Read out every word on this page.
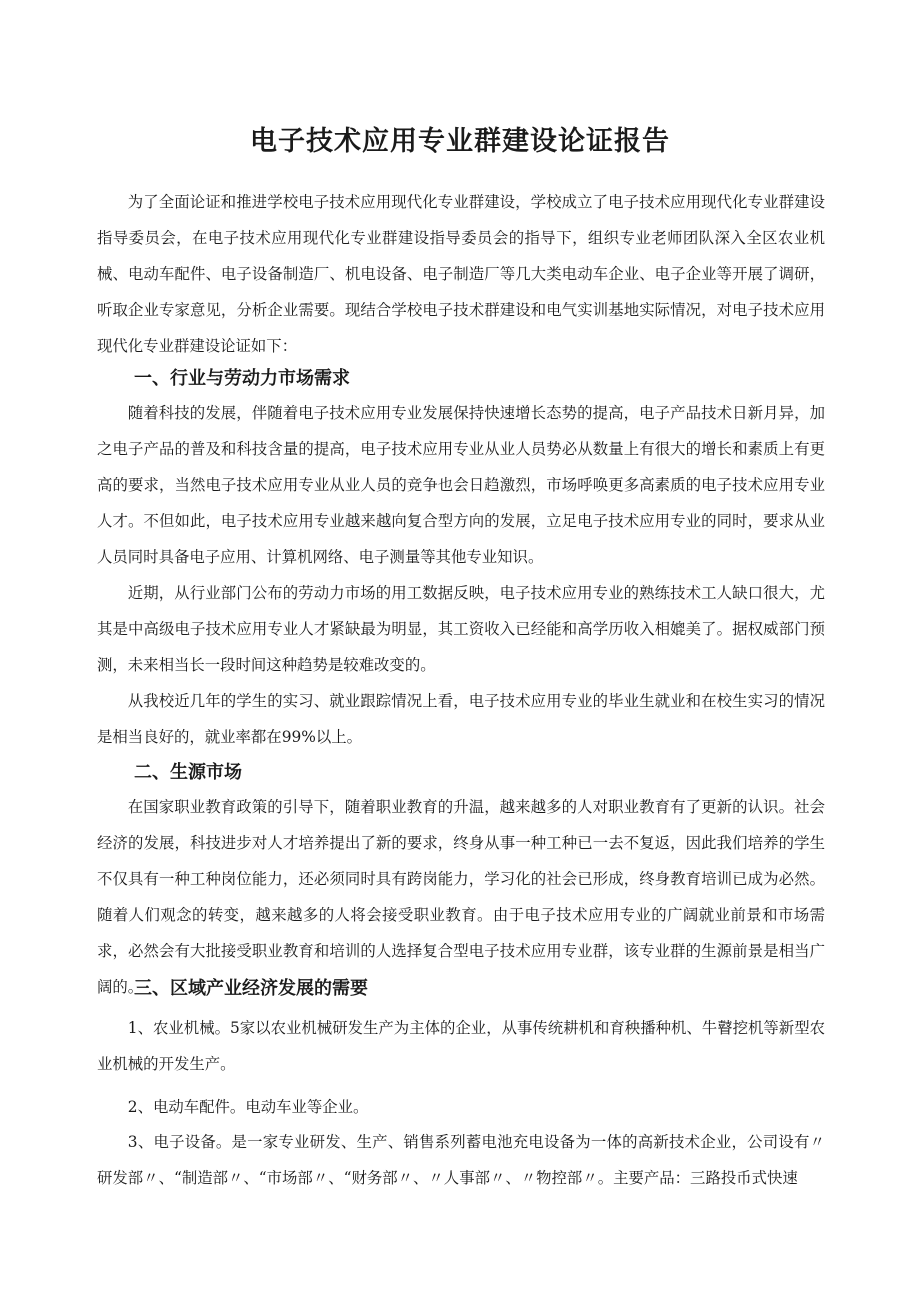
电子技术应用专业群建设论证报告

为了全面论证和推进学校电子技术应用现代化专业群建设，学校成立了电子技术应用现代化专业群建设指导委员会，在电子技术应用现代化专业群建设指导委员会的指导下，组织专业老师团队深入全区农业机械、电动车配件、电子设备制造厂、机电设备、电子制造厂等几大类电动车企业、电子企业等开展了调研，听取企业专家意见，分析企业需要。现结合学校电子技术群建设和电气实训基地实际情况，对电子技术应用现代化专业群建设论证如下：

一、行业与劳动力市场需求

随着科技的发展，伴随着电子技术应用专业发展保持快速增长态势的提高，电子产品技术日新月异，加之电子产品的普及和科技含量的提高，电子技术应用专业从业人员势必从数量上有很大的增长和素质上有更高的要求，当然电子技术应用专业从业人员的竞争也会日趋激烈，市场呼唤更多高素质的电子技术应用专业人才。不但如此，电子技术应用专业越来越向复合型方向的发展，立足电子技术应用专业的同时，要求从业人员同时具备电子应用、计算机网络、电子测量等其他专业知识。

近期，从行业部门公布的劳动力市场的用工数据反映，电子技术应用专业的熟练技术工人缺口很大，尤其是中高级电子技术应用专业人才紧缺最为明显，其工资收入已经能和高学历收入相媲美了。据权威部门预测，未来相当长一段时间这种趋势是较难改变的。

从我校近几年的学生的实习、就业跟踪情况上看，电子技术应用专业的毕业生就业和在校生实习的情况是相当良好的，就业率都在99%以上。

二、生源市场

在国家职业教育政策的引导下，随着职业教育的升温，越来越多的人对职业教育有了更新的认识。社会经济的发展，科技进步对人才培养提出了新的要求，终身从事一种工种已一去不复返，因此我们培养的学生不仅具有一种工种岗位能力，还必须同时具有跨岗能力，学习化的社会已形成，终身教育培训已成为必然。随着人们观念的转变，越来越多的人将会接受职业教育。由于电子技术应用专业的广阔就业前景和市场需求，必然会有大批接受职业教育和培训的人选择复合型电子技术应用专业群，该专业群的生源前景是相当广阔的。

三、区域产业经济发展的需要

1、农业机械。5家以农业机械研发生产为主体的企业，从事传统耕机和育秧播种机、牛瞽挖机等新型农业机械的开发生产。

2、电动车配件。电动车业等企业。

3、电子设备。是一家专业研发、生产、销售系列蓄电池充电设备为一体的高新技术企业，公司设有〃研发部〃、“制造部〃、“市场部〃、“财务部〃、〃人事部〃、〃物控部〃。主要产品：三路投币式快速
